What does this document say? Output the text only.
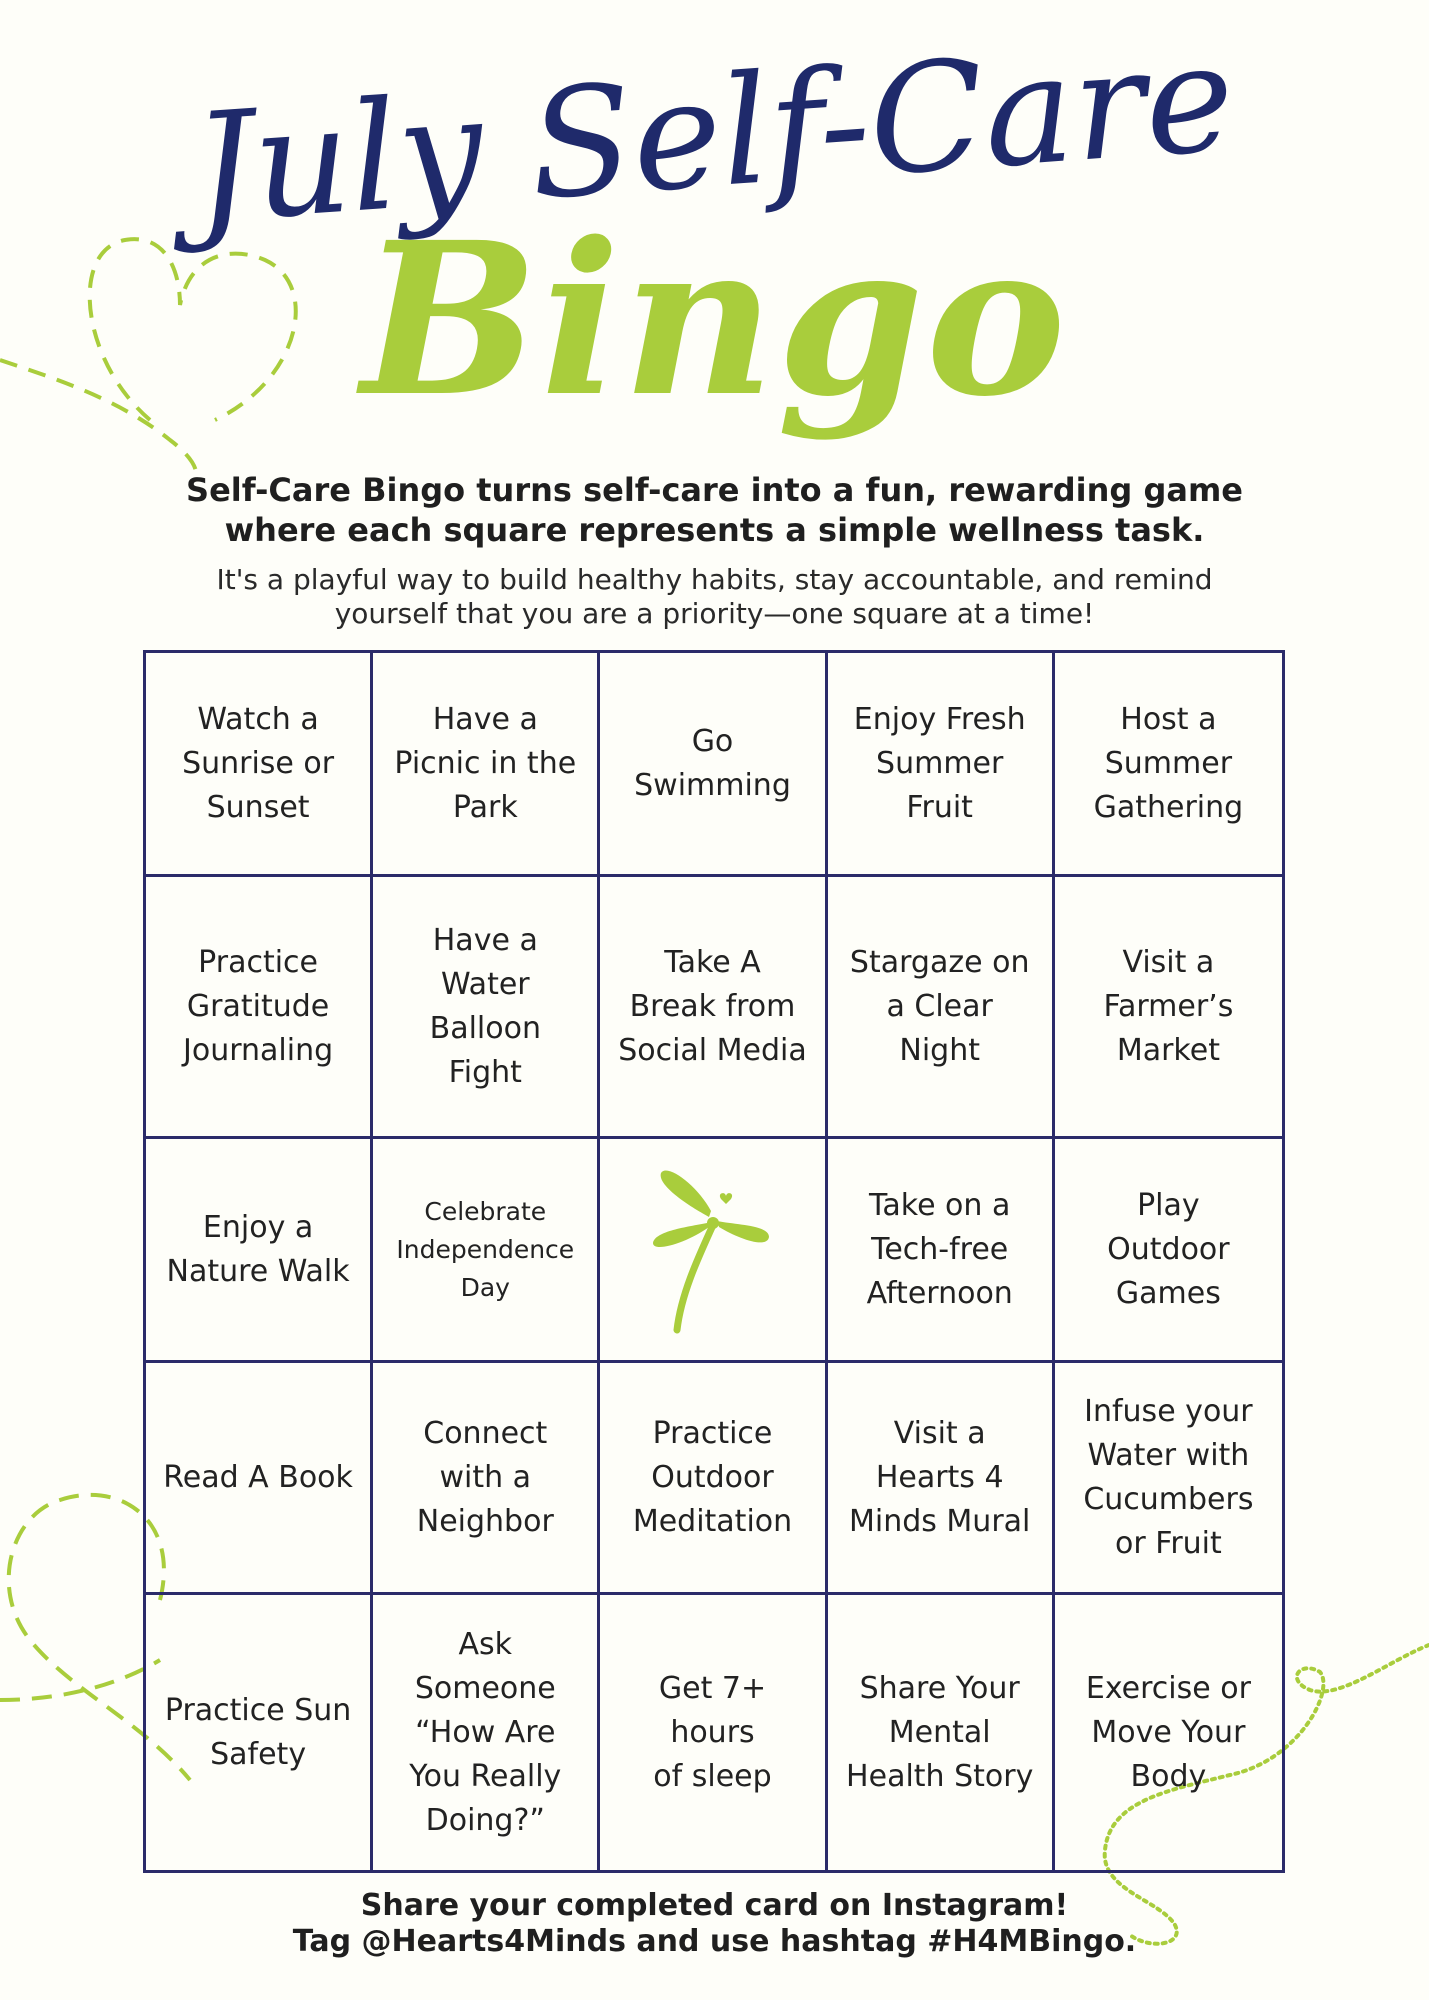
July Self-Care
Bingo
Self-Care Bingo turns self-care into a fun, rewarding game
where each square represents a simple wellness task.
It's a playful way to build healthy habits, stay accountable, and remind
yourself that you are a priority—one square at a time!
Watch a
Sunrise or
Sunset
Have a
Picnic in the
Park
Go
Swimming
Enjoy Fresh
Summer
Fruit
Host a
Summer
Gathering
Practice
Gratitude
Journaling
Have a
Water
Balloon
Fight
Take A
Break from
Social Media
Stargaze on
a Clear
Night
Visit a
Farmer’s
Market
Enjoy a
Nature Walk
Celebrate
Independence
Day
Take on a
Tech-free
Afternoon
Play
Outdoor
Games
Read A Book
Connect
with a
Neighbor
Practice
Outdoor
Meditation
Visit a
Hearts 4
Minds Mural
Infuse your
Water with
Cucumbers
or Fruit
Practice Sun
Safety
Ask
Someone
“How Are
You Really
Doing?”
Get 7+ hours
of sleep
Share Your
Mental
Health Story
Exercise or
Move Your
Body
Share your completed card on Instagram!
Tag @Hearts4Minds and use hashtag #H4MBingo.
